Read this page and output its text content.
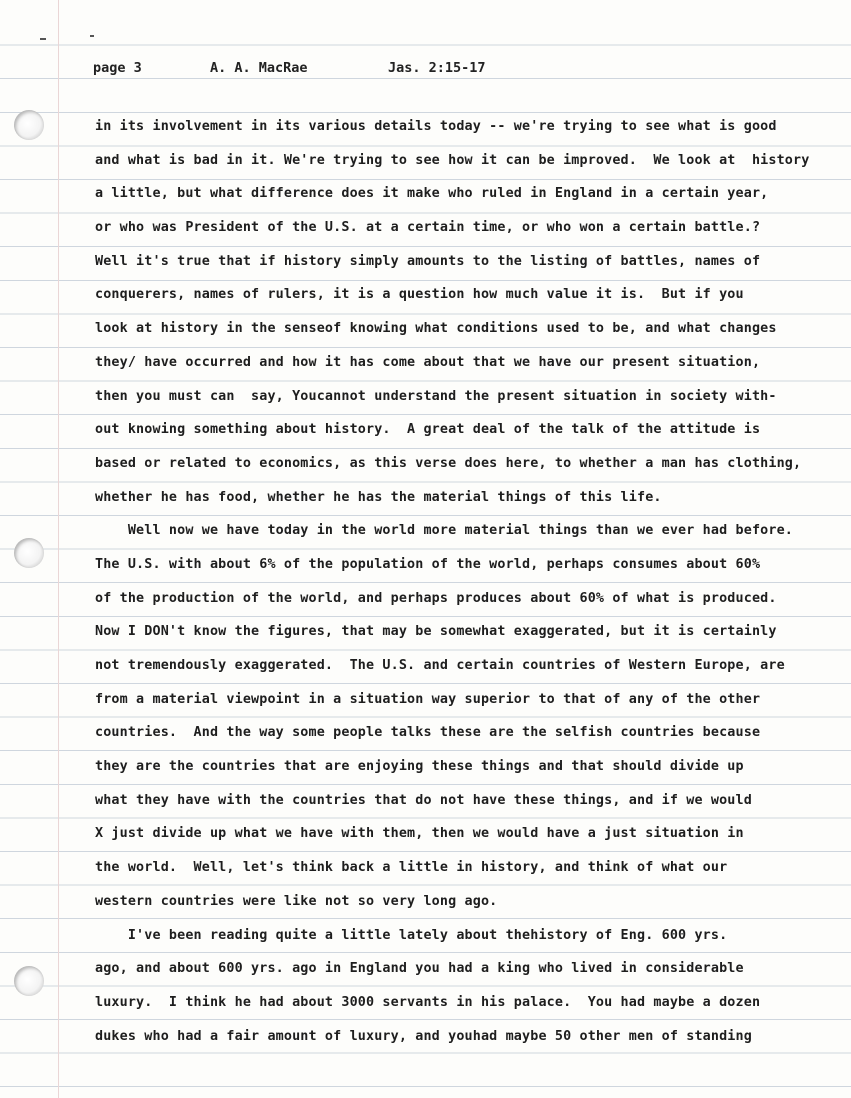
page 3	A. A. MacRae	Jas. 2:15-17
in its involvement in its various details today -- we're trying to see what is good
and what is bad in it. We're trying to see how it can be improved.  We look at  history
a little, but what difference does it make who ruled in England in a certain year,
or who was President of the U.S. at a certain time, or who won a certain battle.?
Well it's true that if history simply amounts to the listing of battles, names of
conquerers, names of rulers, it is a question how much value it is.  But if you
look at history in the senseof knowing what conditions used to be, and what changes
they/ have occurred and how it has come about that we have our present situation,
then you must can  say, Youcannot understand the present situation in society with-
out knowing something about history.  A great deal of the talk of the attitude is
based or related to economics, as this verse does here, to whether a man has clothing,
whether he has food, whether he has the material things of this life.
Well now we have today in the world more material things than we ever had before.
The U.S. with about 6% of the population of the world, perhaps consumes about 60%
of the production of the world, and perhaps produces about 60% of what is produced.
Now I DON't know the figures, that may be somewhat exaggerated, but it is certainly
not tremendously exaggerated.  The U.S. and certain countries of Western Europe, are
from a material viewpoint in a situation way superior to that of any of the other
countries.  And the way some people talks these are the selfish countries because
they are the countries that are enjoying these things and that should divide up
what they have with the countries that do not have these things, and if we would
X just divide up what we have with them, then we would have a just situation in
the world.  Well, let's think back a little in history, and think of what our
western countries were like not so very long ago.
I've been reading quite a little lately about thehistory of Eng. 600 yrs.
ago, and about 600 yrs. ago in England you had a king who lived in considerable
luxury.  I think he had about 3000 servants in his palace.  You had maybe a dozen
dukes who had a fair amount of luxury, and youhad maybe 50 other men of standing
